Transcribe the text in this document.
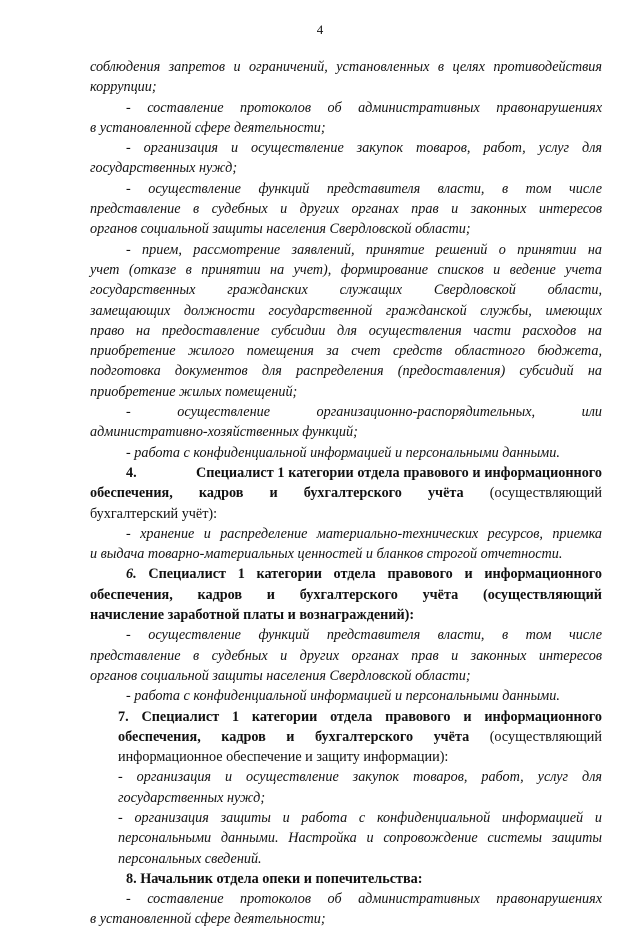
4
соблюдения запретов и ограничений, установленных в целях противодействия
коррупции;
- составление протоколов об административных правонарушениях
в установленной сфере деятельности;
- организация и осуществление закупок товаров, работ, услуг для
государственных нужд;
- осуществление функций представителя власти, в том числе
представление в судебных и других органах прав и законных интересов
органов социальной защиты населения Свердловской области;
- прием, рассмотрение заявлений, принятие решений о принятии на
учет (отказе в принятии на учет), формирование списков и ведение учета
государственных гражданских служащих Свердловской области,
замещающих должности государственной гражданской службы, имеющих
право на предоставление субсидии для осуществления части расходов на
приобретение жилого помещения за счет средств областного бюджета,
подготовка документов для распределения (предоставления) субсидий на
приобретение жилых помещений;
- осуществление организационно-распорядительных, или
административно-хозяйственных функций;
- работа с конфиденциальной информацией и персональными данными.
4.	Специалист 1 категории отдела правового и информационного
обеспечения, кадров и бухгалтерского учёта (осуществляющий
бухгалтерский учёт):
- хранение и распределение материально-технических ресурсов, приемка
и выдача товарно-материальных ценностей и бланков строгой отчетности.
6. Специалист 1 категории отдела правового и информационного
обеспечения, кадров и бухгалтерского учёта (осуществляющий
начисление заработной платы и вознаграждений):
- осуществление функций представителя власти, в том числе
представление в судебных и других органах прав и законных интересов
органов социальной защиты населения Свердловской области;
- работа с конфиденциальной информацией и персональными данными.
7. Специалист 1 категории отдела правового и информационного
обеспечения, кадров и бухгалтерского учёта (осуществляющий
информационное обеспечение и защиту информации):
- организация и осуществление закупок товаров, работ, услуг для
государственных нужд;
- организация защиты и работа с конфиденциальной информацией и
персональными данными. Настройка и сопровождение системы защиты
персональных сведений.
8. Начальник отдела опеки и попечительства:
- составление протоколов об административных правонарушениях
в установленной сфере деятельности;
